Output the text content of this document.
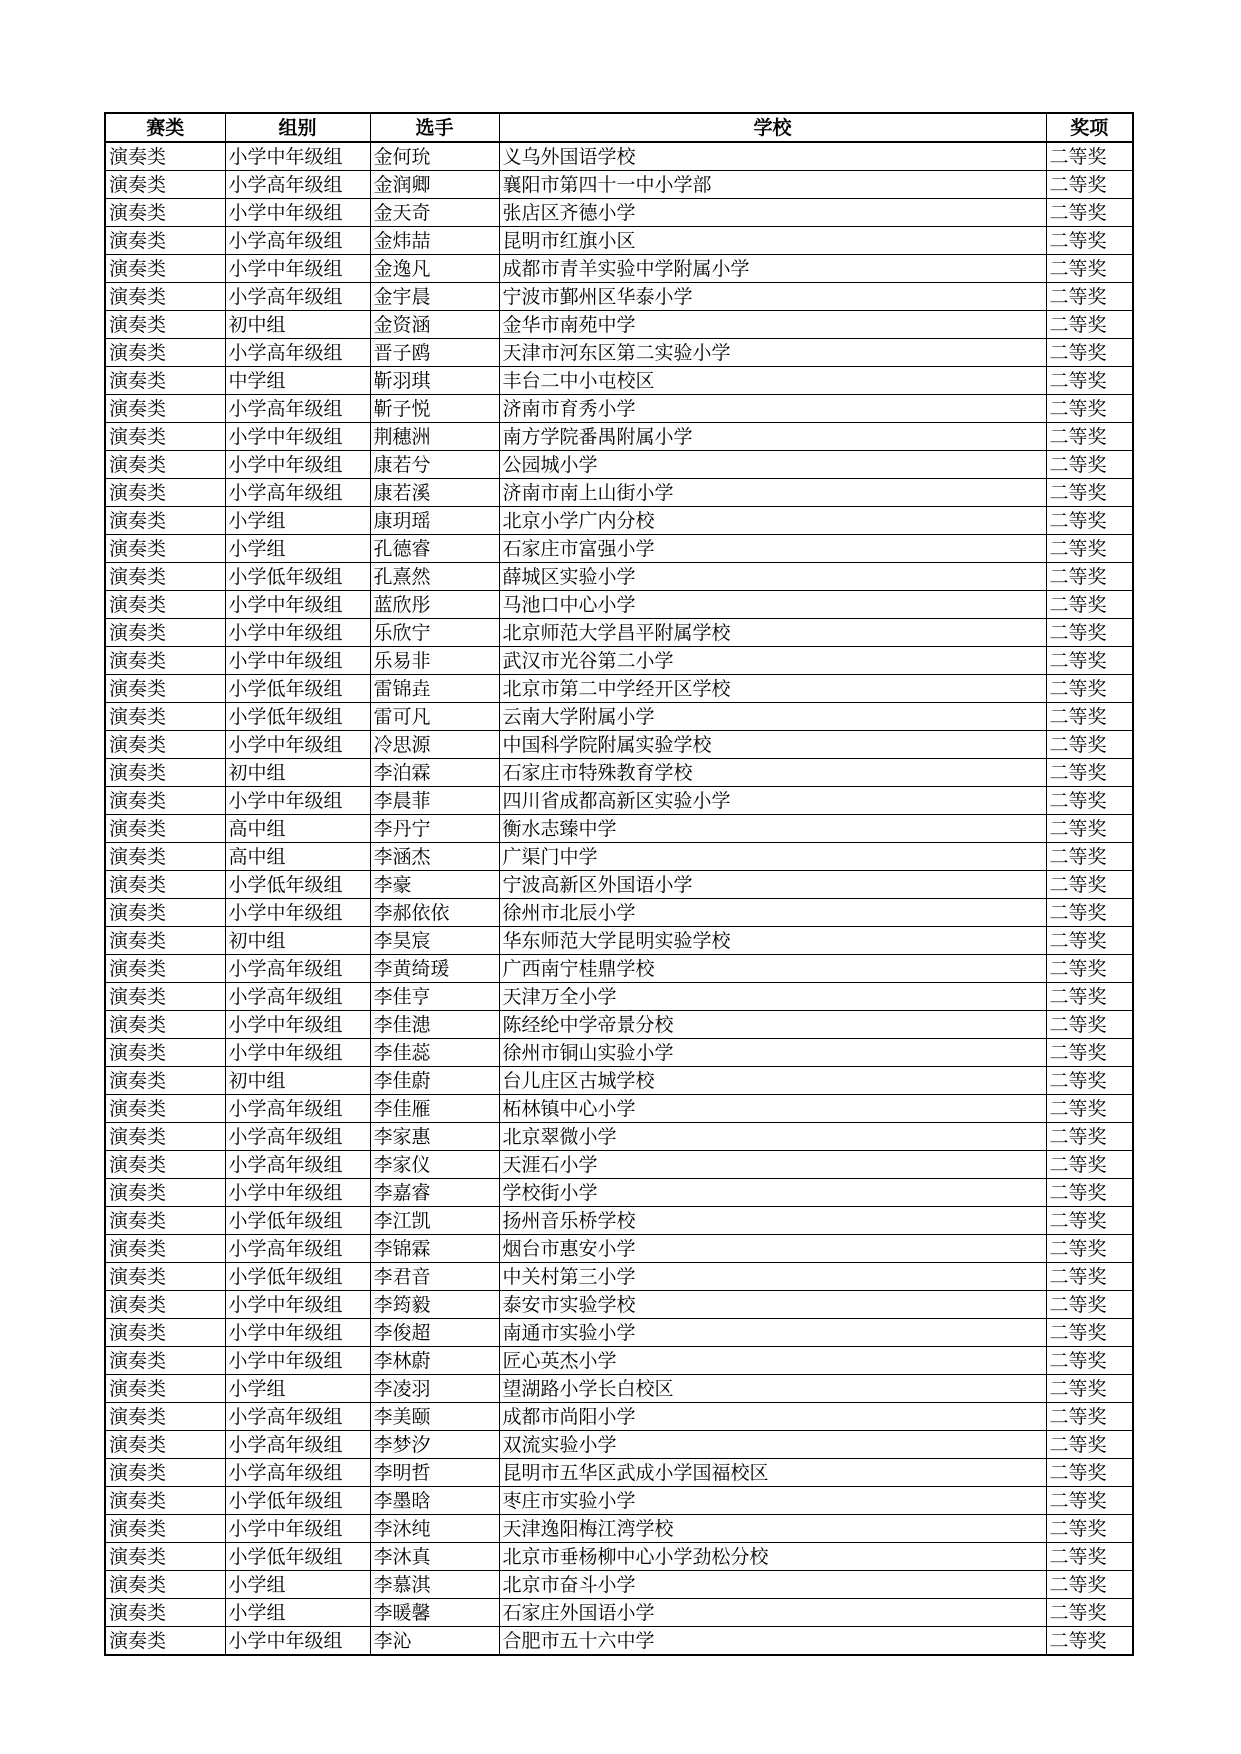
赛类	组别	选手	学校	奖项
演奏类	小学中年级组	金何玧	义乌外国语学校	二等奖
演奏类	小学高年级组	金润卿	襄阳市第四十一中小学部	二等奖
演奏类	小学中年级组	金天奇	张店区齐德小学	二等奖
演奏类	小学高年级组	金炜喆	昆明市红旗小区	二等奖
演奏类	小学中年级组	金逸凡	成都市青羊实验中学附属小学	二等奖
演奏类	小学高年级组	金宇晨	宁波市鄞州区华泰小学	二等奖
演奏类	初中组	金资涵	金华市南苑中学	二等奖
演奏类	小学高年级组	晋子鸥	天津市河东区第二实验小学	二等奖
演奏类	中学组	靳羽琪	丰台二中小屯校区	二等奖
演奏类	小学高年级组	靳子悦	济南市育秀小学	二等奖
演奏类	小学中年级组	荆穗洲	南方学院番禺附属小学	二等奖
演奏类	小学中年级组	康若兮	公园城小学	二等奖
演奏类	小学高年级组	康若溪	济南市南上山街小学	二等奖
演奏类	小学组	康玥瑶	北京小学广内分校	二等奖
演奏类	小学组	孔德睿	石家庄市富强小学	二等奖
演奏类	小学低年级组	孔熹然	薛城区实验小学	二等奖
演奏类	小学中年级组	蓝欣彤	马池口中心小学	二等奖
演奏类	小学中年级组	乐欣宁	北京师范大学昌平附属学校	二等奖
演奏类	小学中年级组	乐易非	武汉市光谷第二小学	二等奖
演奏类	小学低年级组	雷锦垚	北京市第二中学经开区学校	二等奖
演奏类	小学低年级组	雷可凡	云南大学附属小学	二等奖
演奏类	小学中年级组	冷思源	中国科学院附属实验学校	二等奖
演奏类	初中组	李泊霖	石家庄市特殊教育学校	二等奖
演奏类	小学中年级组	李晨菲	四川省成都高新区实验小学	二等奖
演奏类	高中组	李丹宁	衡水志臻中学	二等奖
演奏类	高中组	李涵杰	广渠门中学	二等奖
演奏类	小学低年级组	李豪	宁波高新区外国语小学	二等奖
演奏类	小学中年级组	李郝依依	徐州市北辰小学	二等奖
演奏类	初中组	李昊宸	华东师范大学昆明实验学校	二等奖
演奏类	小学高年级组	李黄绮瑗	广西南宁桂鼎学校	二等奖
演奏类	小学高年级组	李佳亨	天津万全小学	二等奖
演奏类	小学中年级组	李佳漶	陈经纶中学帝景分校	二等奖
演奏类	小学中年级组	李佳蕊	徐州市铜山实验小学	二等奖
演奏类	初中组	李佳蔚	台儿庄区古城学校	二等奖
演奏类	小学高年级组	李佳雁	柘林镇中心小学	二等奖
演奏类	小学高年级组	李家惠	北京翠微小学	二等奖
演奏类	小学高年级组	李家仪	天涯石小学	二等奖
演奏类	小学中年级组	李嘉睿	学校街小学	二等奖
演奏类	小学低年级组	李江凯	扬州音乐桥学校	二等奖
演奏类	小学高年级组	李锦霖	烟台市惠安小学	二等奖
演奏类	小学低年级组	李君音	中关村第三小学	二等奖
演奏类	小学中年级组	李筠毅	泰安市实验学校	二等奖
演奏类	小学中年级组	李俊超	南通市实验小学	二等奖
演奏类	小学中年级组	李林蔚	匠心英杰小学	二等奖
演奏类	小学组	李凌羽	望湖路小学长白校区	二等奖
演奏类	小学高年级组	李美颐	成都市尚阳小学	二等奖
演奏类	小学高年级组	李梦汐	双流实验小学	二等奖
演奏类	小学高年级组	李明哲	昆明市五华区武成小学国福校区	二等奖
演奏类	小学低年级组	李墨晗	枣庄市实验小学	二等奖
演奏类	小学中年级组	李沐纯	天津逸阳梅江湾学校	二等奖
演奏类	小学低年级组	李沐真	北京市垂杨柳中心小学劲松分校	二等奖
演奏类	小学组	李慕淇	北京市奋斗小学	二等奖
演奏类	小学组	李暖馨	石家庄外国语小学	二等奖
演奏类	小学中年级组	李沁	合肥市五十六中学	二等奖
